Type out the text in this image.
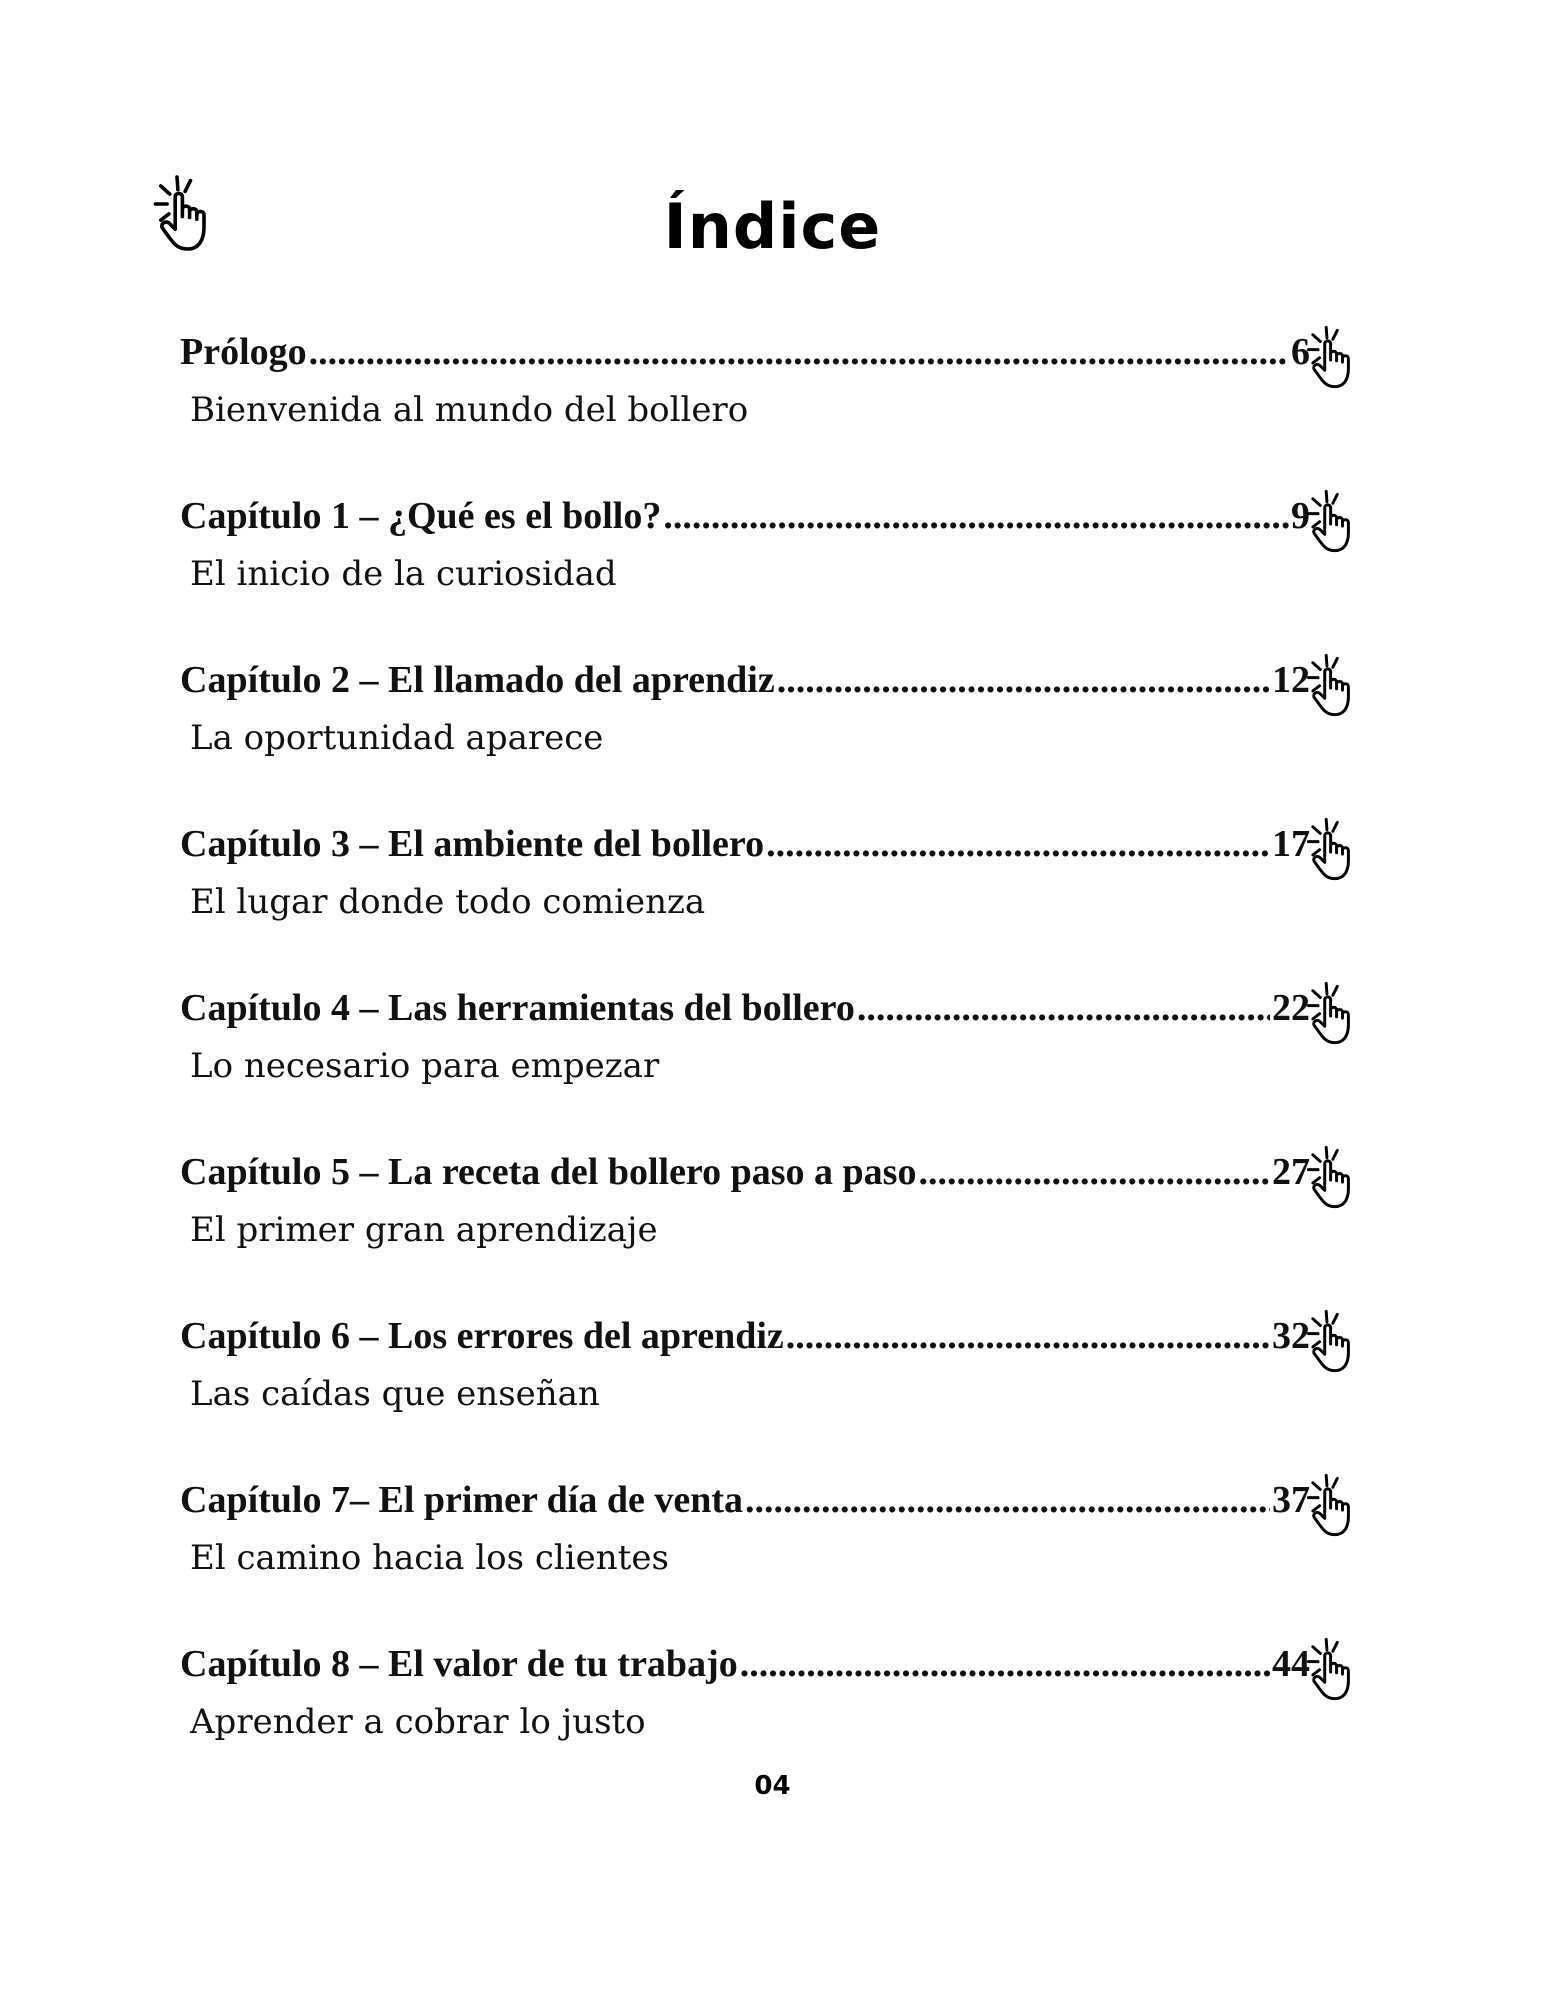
Índice
Prólogo .....	6
Bienvenida al mundo del bollero
Capítulo 1 – ¿Qué es el bollo? .....	9
El inicio de la curiosidad
Capítulo 2 – El llamado del aprendiz .....	12
La oportunidad aparece
Capítulo 3 – El ambiente del bollero .....	17
El lugar donde todo comienza
Capítulo 4 – Las herramientas del bollero .....	22
Lo necesario para empezar
Capítulo 5 – La receta del bollero paso a paso .....	27
El primer gran aprendizaje
Capítulo 6 – Los errores del aprendiz .....	32
Las caídas que enseñan
Capítulo 7– El primer día de venta .....	37
El camino hacia los clientes
Capítulo 8 – El valor de tu trabajo .....	44
Aprender a cobrar lo justo
04
